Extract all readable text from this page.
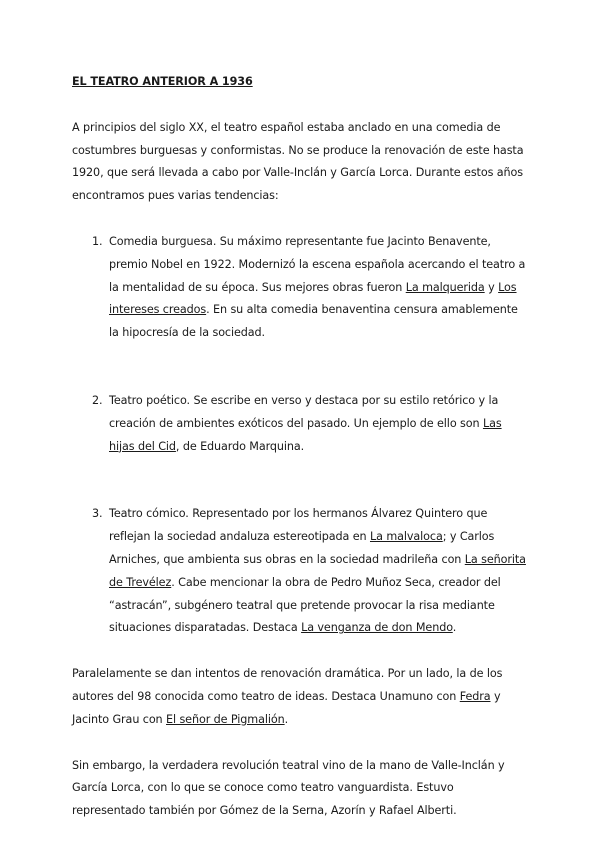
EL TEATRO ANTERIOR A 1936

A principios del siglo XX, el teatro español estaba anclado en una comedia de costumbres burguesas y conformistas. No se produce la renovación de este hasta 1920, que será llevada a cabo por Valle-Inclán y García Lorca. Durante estos años encontramos pues varias tendencias:

1. Comedia burguesa. Su máximo representante fue Jacinto Benavente, premio Nobel en 1922. Modernizó la escena española acercando el teatro a la mentalidad de su época. Sus mejores obras fueron La malquerida y Los intereses creados. En su alta comedia benaventina censura amablemente la hipocresía de la sociedad.
2. Teatro poético. Se escribe en verso y destaca por su estilo retórico y la creación de ambientes exóticos del pasado. Un ejemplo de ello son Las hijas del Cid, de Eduardo Marquina.
3. Teatro cómico. Representado por los hermanos Álvarez Quintero que reflejan la sociedad andaluza estereotipada en La malvaloca; y Carlos Arniches, que ambienta sus obras en la sociedad madrileña con La señorita de Trevélez. Cabe mencionar la obra de Pedro Muñoz Seca, creador del “astracán”, subgénero teatral que pretende provocar la risa mediante situaciones disparatadas. Destaca La venganza de don Mendo.

Paralelamente se dan intentos de renovación dramática. Por un lado, la de los autores del 98 conocida como teatro de ideas. Destaca Unamuno con Fedra y Jacinto Grau con El señor de Pigmalión.

Sin embargo, la verdadera revolución teatral vino de la mano de Valle-Inclán y García Lorca, con lo que se conoce como teatro vanguardista. Estuvo representado también por Gómez de la Serna, Azorín y Rafael Alberti.
